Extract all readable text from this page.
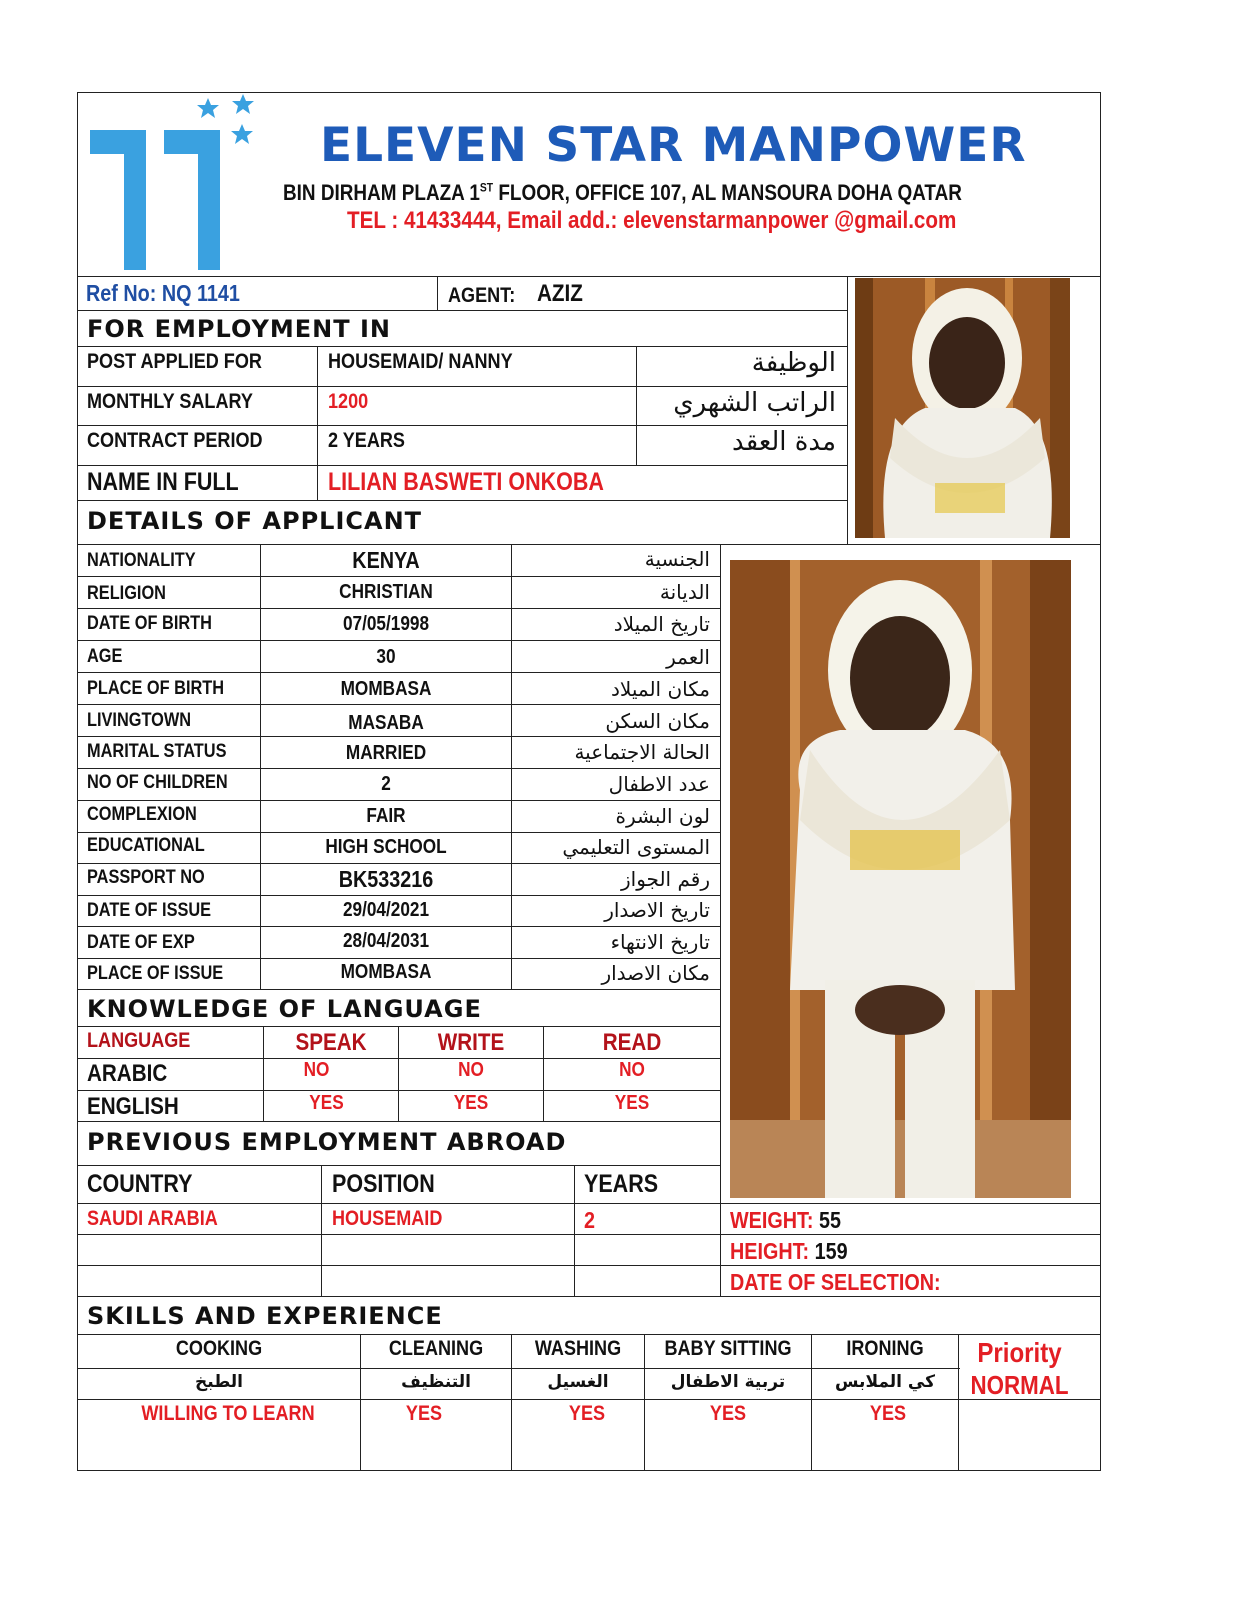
ELEVEN STAR MANPOWER
BIN DIRHAM PLAZA 1ST FLOOR, OFFICE 107, AL MANSOURA DOHA QATAR
TEL : 41433444, Email add.: elevenstarmanpower @gmail.com
Ref No: NQ 1141	AGENT: AZIZ
FOR EMPLOYMENT IN
POST APPLIED FOR	HOUSEMAID/ NANNY	الوظيفة
MONTHLY SALARY	1200	الراتب الشهري
CONTRACT PERIOD	2 YEARS	مدة العقد
NAME IN FULL	LILIAN BASWETI ONKOBA
DETAILS OF APPLICANT
NATIONALITY	KENYA	الجنسية
RELIGION	CHRISTIAN	الديانة
DATE OF BIRTH	07/05/1998	تاريخ الميلاد
AGE	30	العمر
PLACE OF BIRTH	MOMBASA	مكان الميلاد
LIVINGTOWN	MASABA	مكان السكن
MARITAL STATUS	MARRIED	الحالة الاجتماعية
NO OF CHILDREN	2	عدد الاطفال
COMPLEXION	FAIR	لون البشرة
EDUCATIONAL	HIGH SCHOOL	المستوى التعليمي
PASSPORT NO	BK533216	رقم الجواز
DATE OF ISSUE	29/04/2021	تاريخ الاصدار
DATE OF EXP	28/04/2031	تاريخ الانتهاء
PLACE OF ISSUE	MOMBASA	مكان الاصدار
KNOWLEDGE OF LANGUAGE
LANGUAGE	SPEAK	WRITE	READ
ARABIC	NO	NO	NO
ENGLISH	YES	YES	YES
PREVIOUS EMPLOYMENT ABROAD
COUNTRY	POSITION	YEARS
SAUDI ARABIA	HOUSEMAID	2	WEIGHT: 55
HEIGHT: 159
DATE OF SELECTION:
SKILLS AND EXPERIENCE
COOKING	CLEANING	WASHING	BABY SITTING	IRONING
الطبخ	التنظيف	الغسيل	تربية الاطفال	كي الملابس
WILLING TO LEARN	YES	YES	YES	YES
Priority
NORMAL
